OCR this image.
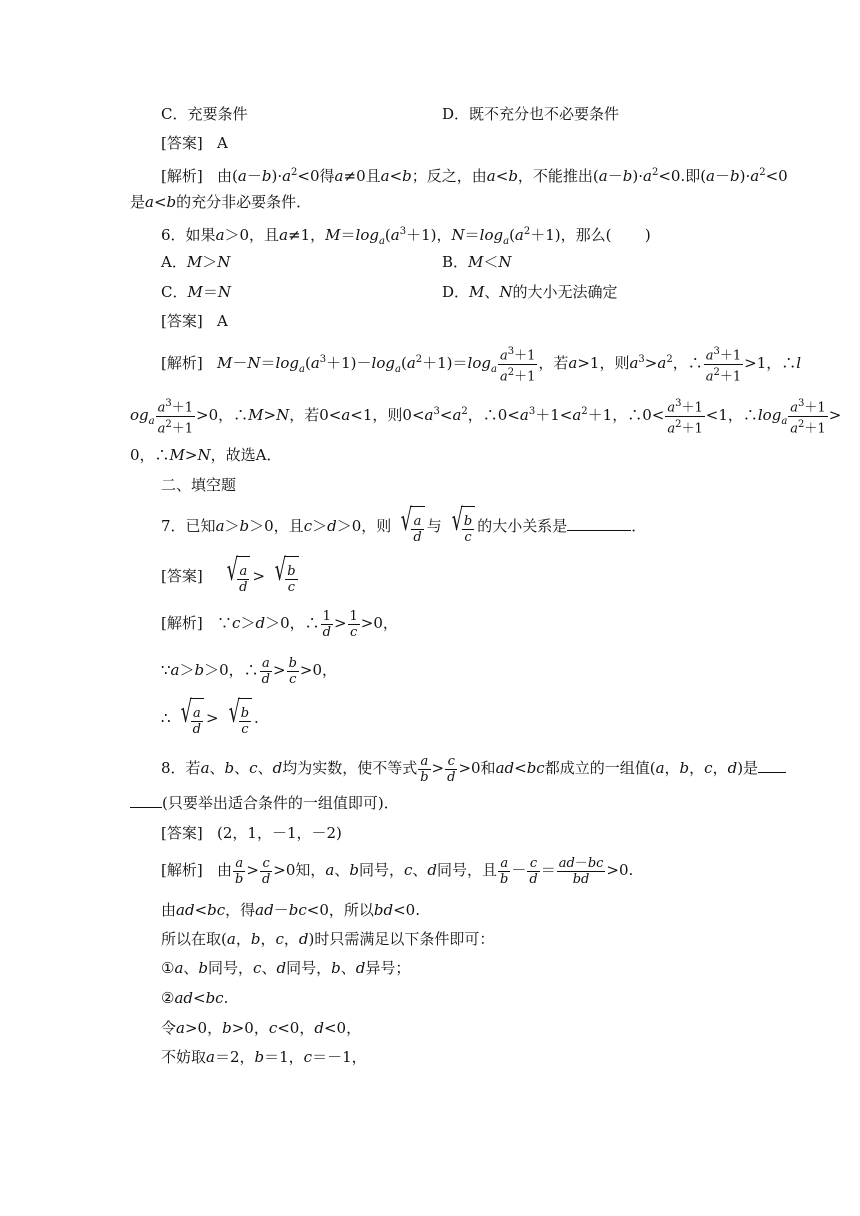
C．充要条件	D．既不充分也不必要条件
[答案] A
[解析]   由$(a-b)\cdot a^2<0$得a≠0且a<b；反之，由a<b，不能推出$(a-b)\cdot a^2<0$.即$(a-b)\cdot a^2<0$
是a<b的充分非必要条件．
6．如果a＞0，且a≠1，$M=\log_a(a^3+1)$，$N=\log_a(a^2+1)$，那么(       )
A．M＞N	B．M＜N
C．M＝N	D．M、N的大小无法确定
[答案] A
[解析] $M-N=\log_a(a^3+1)-\log_a(a^2+1)=\log_a \frac{a^3+1}{a^2+1}$ ，若a>1，则$a^3>a^2$，∴ $\frac{a^3+1}{a^2+1} >1$，∴l
$og_a \frac{a^3+1}{a^2+1} >0$，∴M>N，若0<a<1，则$0<a^3<a^2$，$\therefore 0<a^3+1<a^2+1$，∴0< $\frac{a^3+1}{a^2+1} <1$，$\therefore\log_a \frac{a^3+1}{a^2+1}$ >
0，∴M>N，故选A．
二、填空题
7．已知a＞b＞0，且c＞d＞0，则 √ $\frac{a}{d}$ 与 √ $\frac{b}{c}$ 的大小关系是	．
[答案] √ $\frac{a}{d}$ > √ $\frac{b}{c}$
[解析]   ∵c＞d＞0，∴ $\frac{1}{d} > \frac{1}{c} >0$，
∵a＞b＞0，∴ $\frac{a}{d} > \frac{b}{c} >0$，
∴ √ $\frac{a}{d}$ > √ $\frac{b}{c}$ .
8．若a、b、c、d均为实数，使不等式 $\frac{a}{b} > \frac{c}{d} >0$和ad<bc都成立的一组值(a，b，c，d)是
(只要举出适合条件的一组值即可)．
[答案] (2，1，－1，－2)
[解析]   由 $\frac{a}{b} > \frac{c}{d} >0$知，a、b同号，c、d同号，且 $\frac{a}{b} - \frac{c}{d} = \frac{ad-bc}{bd} >0$.
由ad<bc，得ad－bc<0，所以bd<0.
所以在取(a，b，c，d)时只需满足以下条件即可：
①a、b同号，c、d同号，b、d异号；
②ad<bc.
令a>0，b>0，c<0，d<0，
不妨取a＝2，b＝1，c＝－1，
